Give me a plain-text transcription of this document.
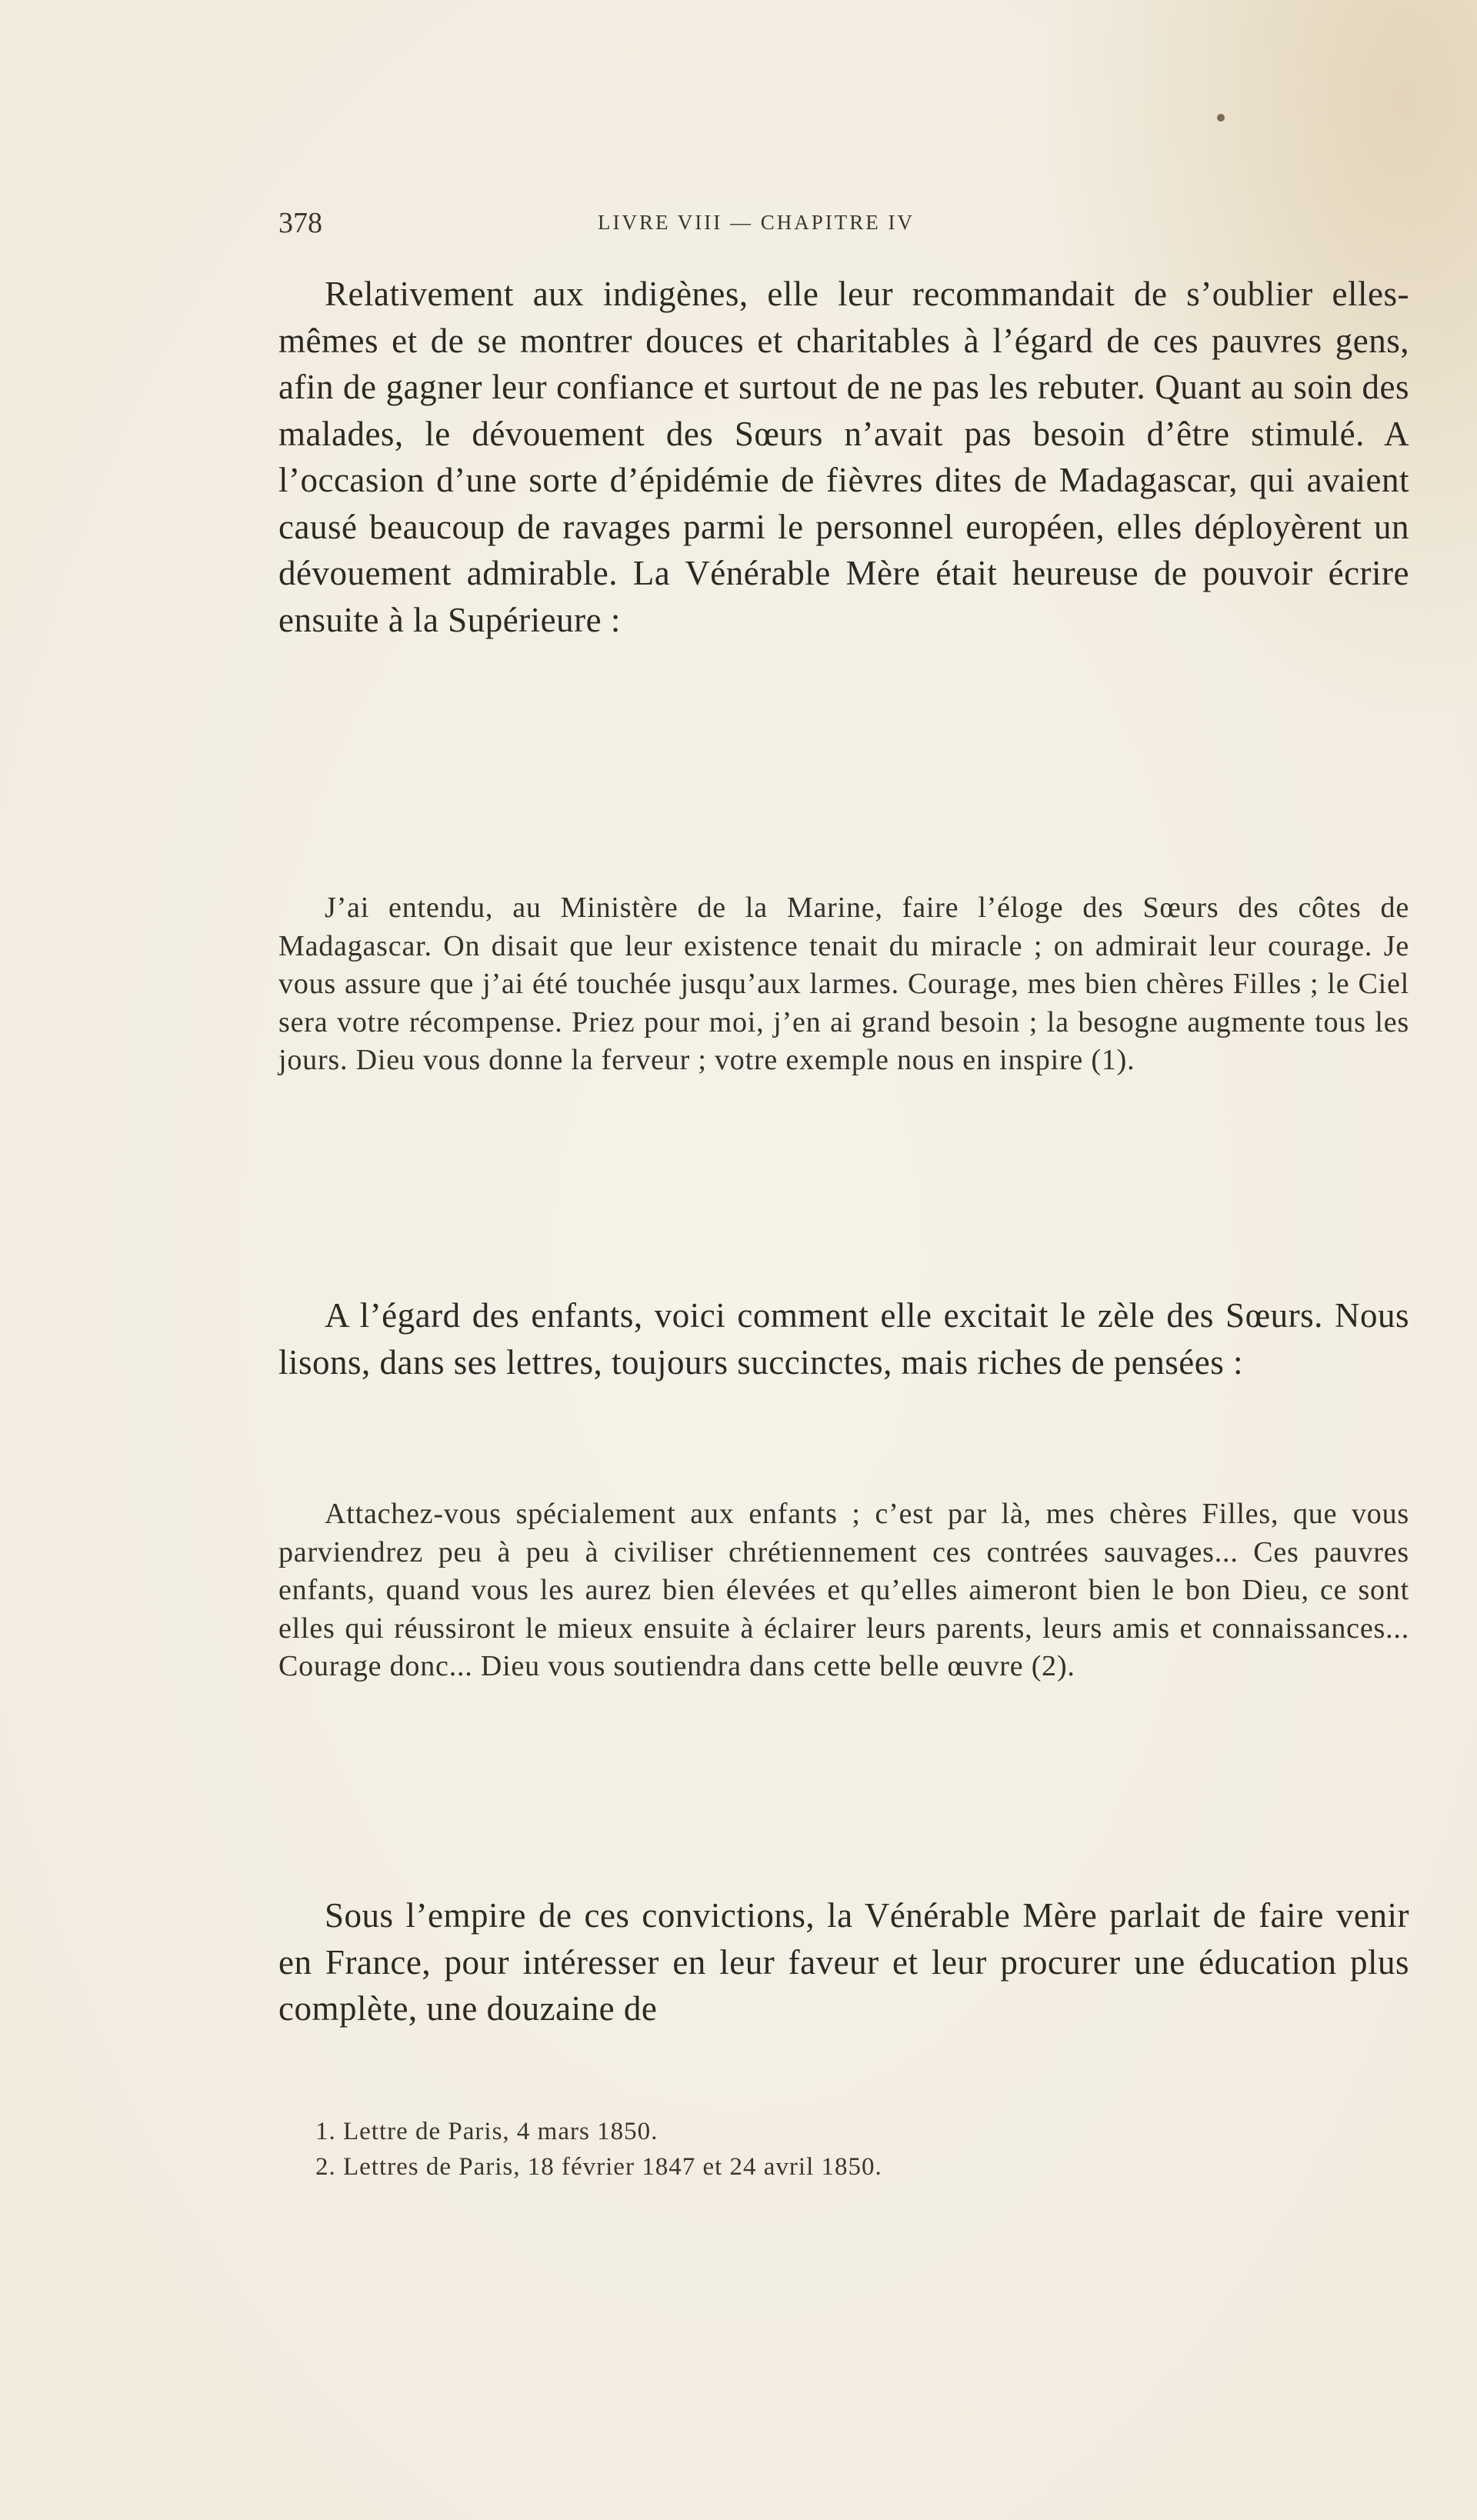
378	LIVRE VIII — CHAPITRE IV

Relativement aux indigènes, elle leur recommandait de s’oublier elles-mêmes et de se montrer douces et charitables à l’égard de ces pauvres gens, afin de gagner leur confiance et surtout de ne pas les rebuter. Quant au soin des malades, le dévouement des Sœurs n’avait pas besoin d’être stimulé. A l’occasion d’une sorte d’épidémie de fièvres dites de Madagascar, qui avaient causé beaucoup de ravages parmi le personnel européen, elles déployèrent un dévouement admirable. La Vénérable Mère était heureuse de pouvoir écrire ensuite à la Supérieure :

J’ai entendu, au Ministère de la Marine, faire l’éloge des Sœurs des côtes de Madagascar. On disait que leur existence tenait du miracle ; on admirait leur courage. Je vous assure que j’ai été touchée jusqu’aux larmes. Courage, mes bien chères Filles ; le Ciel sera votre récompense. Priez pour moi, j’en ai grand besoin ; la besogne augmente tous les jours. Dieu vous donne la ferveur ; votre exemple nous en inspire (1).

A l’égard des enfants, voici comment elle excitait le zèle des Sœurs. Nous lisons, dans ses lettres, toujours succinctes, mais riches de pensées :

Attachez-vous spécialement aux enfants ; c’est par là, mes chères Filles, que vous parviendrez peu à peu à civiliser chrétiennement ces contrées sauvages... Ces pauvres enfants, quand vous les aurez bien élevées et qu’elles aimeront bien le bon Dieu, ce sont elles qui réussiront le mieux ensuite à éclairer leurs parents, leurs amis et connaissances... Courage donc... Dieu vous soutiendra dans cette belle œuvre (2).

Sous l’empire de ces convictions, la Vénérable Mère parlait de faire venir en France, pour intéresser en leur faveur et leur procurer une éducation plus complète, une douzaine de

1. Lettre de Paris, 4 mars 1850.
2. Lettres de Paris, 18 février 1847 et 24 avril 1850.
